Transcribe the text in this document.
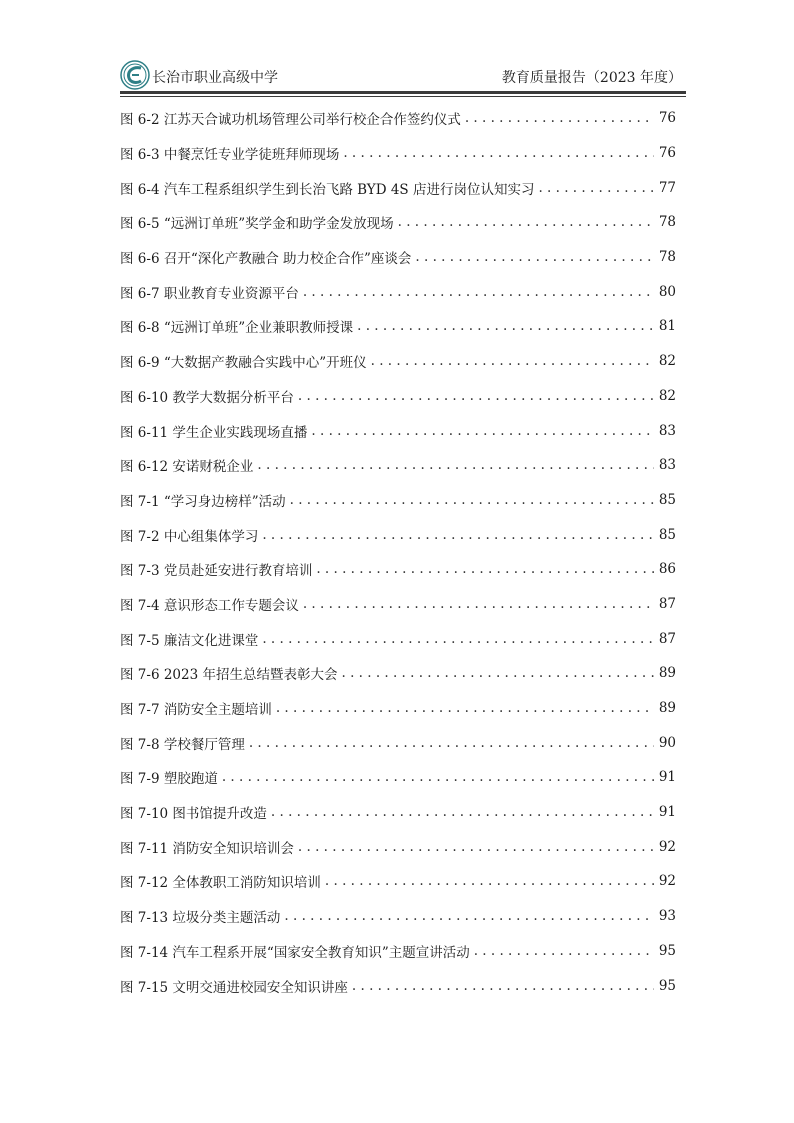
长治市职业高级中学	教育质量报告（2023 年度）
图 6-2 江苏天合诚功机场管理公司举行校企合作签约仪式 . . .	76
图 6-3 中餐烹饪专业学徒班拜师现场 . . .	76
图 6-4 汽车工程系组织学生到长治飞路 BYD 4S 店进行岗位认知实习 . . .	77
图 6-5 “远洲订单班”奖学金和助学金发放现场 . . .	78
图 6-6 召开“深化产教融合 助力校企合作”座谈会 . . .	78
图 6-7 职业教育专业资源平台 . . .	80
图 6-8 “远洲订单班”企业兼职教师授课 . . .	81
图 6-9 “大数据产教融合实践中心”开班仪 . . .	82
图 6-10 教学大数据分析平台 . . .	82
图 6-11 学生企业实践现场直播 . . .	83
图 6-12 安诺财税企业 . . .	83
图 7-1 “学习身边榜样”活动 . . .	85
图 7-2 中心组集体学习 . . .	85
图 7-3 党员赴延安进行教育培训 . . .	86
图 7-4 意识形态工作专题会议 . . .	87
图 7-5 廉洁文化进课堂 . . .	87
图 7-6 2023 年招生总结暨表彰大会 . . .	89
图 7-7 消防安全主题培训 . . .	89
图 7-8 学校餐厅管理 . . .	90
图 7-9 塑胶跑道 . . .	91
图 7-10 图书馆提升改造 . . .	91
图 7-11 消防安全知识培训会 . . .	92
图 7-12 全体教职工消防知识培训 . . .	92
图 7-13 垃圾分类主题活动 . . .	93
图 7-14 汽车工程系开展“国家安全教育知识”主题宣讲活动 . . .	95
图 7-15 文明交通进校园安全知识讲座 . . .	95
